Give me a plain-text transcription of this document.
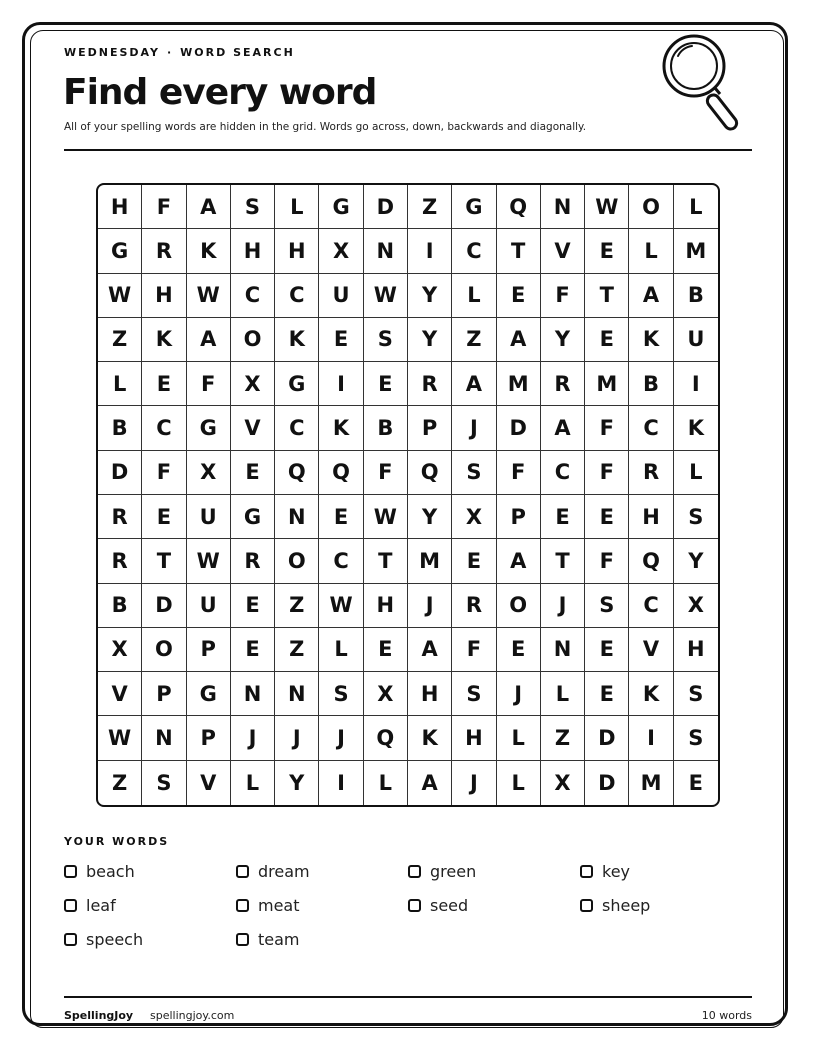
WEDNESDAY · WORD SEARCH
Find every word
All of your spelling words are hidden in the grid. Words go across, down, backwards and diagonally.
H	F	A	S	L	G	D	Z	G	Q	N	W	O	L
G	R	K	H	H	X	N	I	C	T	V	E	L	M
W	H	W	C	C	U	W	Y	L	E	F	T	A	B
Z	K	A	O	K	E	S	Y	Z	A	Y	E	K	U
L	E	F	X	G	I	E	R	A	M	R	M	B	I
B	C	G	V	C	K	B	P	J	D	A	F	C	K
D	F	X	E	Q	Q	F	Q	S	F	C	F	R	L
R	E	U	G	N	E	W	Y	X	P	E	E	H	S
R	T	W	R	O	C	T	M	E	A	T	F	Q	Y
B	D	U	E	Z	W	H	J	R	O	J	S	C	X
X	O	P	E	Z	L	E	A	F	E	N	E	V	H
V	P	G	N	N	S	X	H	S	J	L	E	K	S
W	N	P	J	J	J	Q	K	H	L	Z	D	I	S
Z	S	V	L	Y	I	L	A	J	L	X	D	M	E
YOUR WORDS
beach	dream	green	key
leaf	meat	seed	sheep
speech	team
SpellingJoy spellingjoy.com	10 words
